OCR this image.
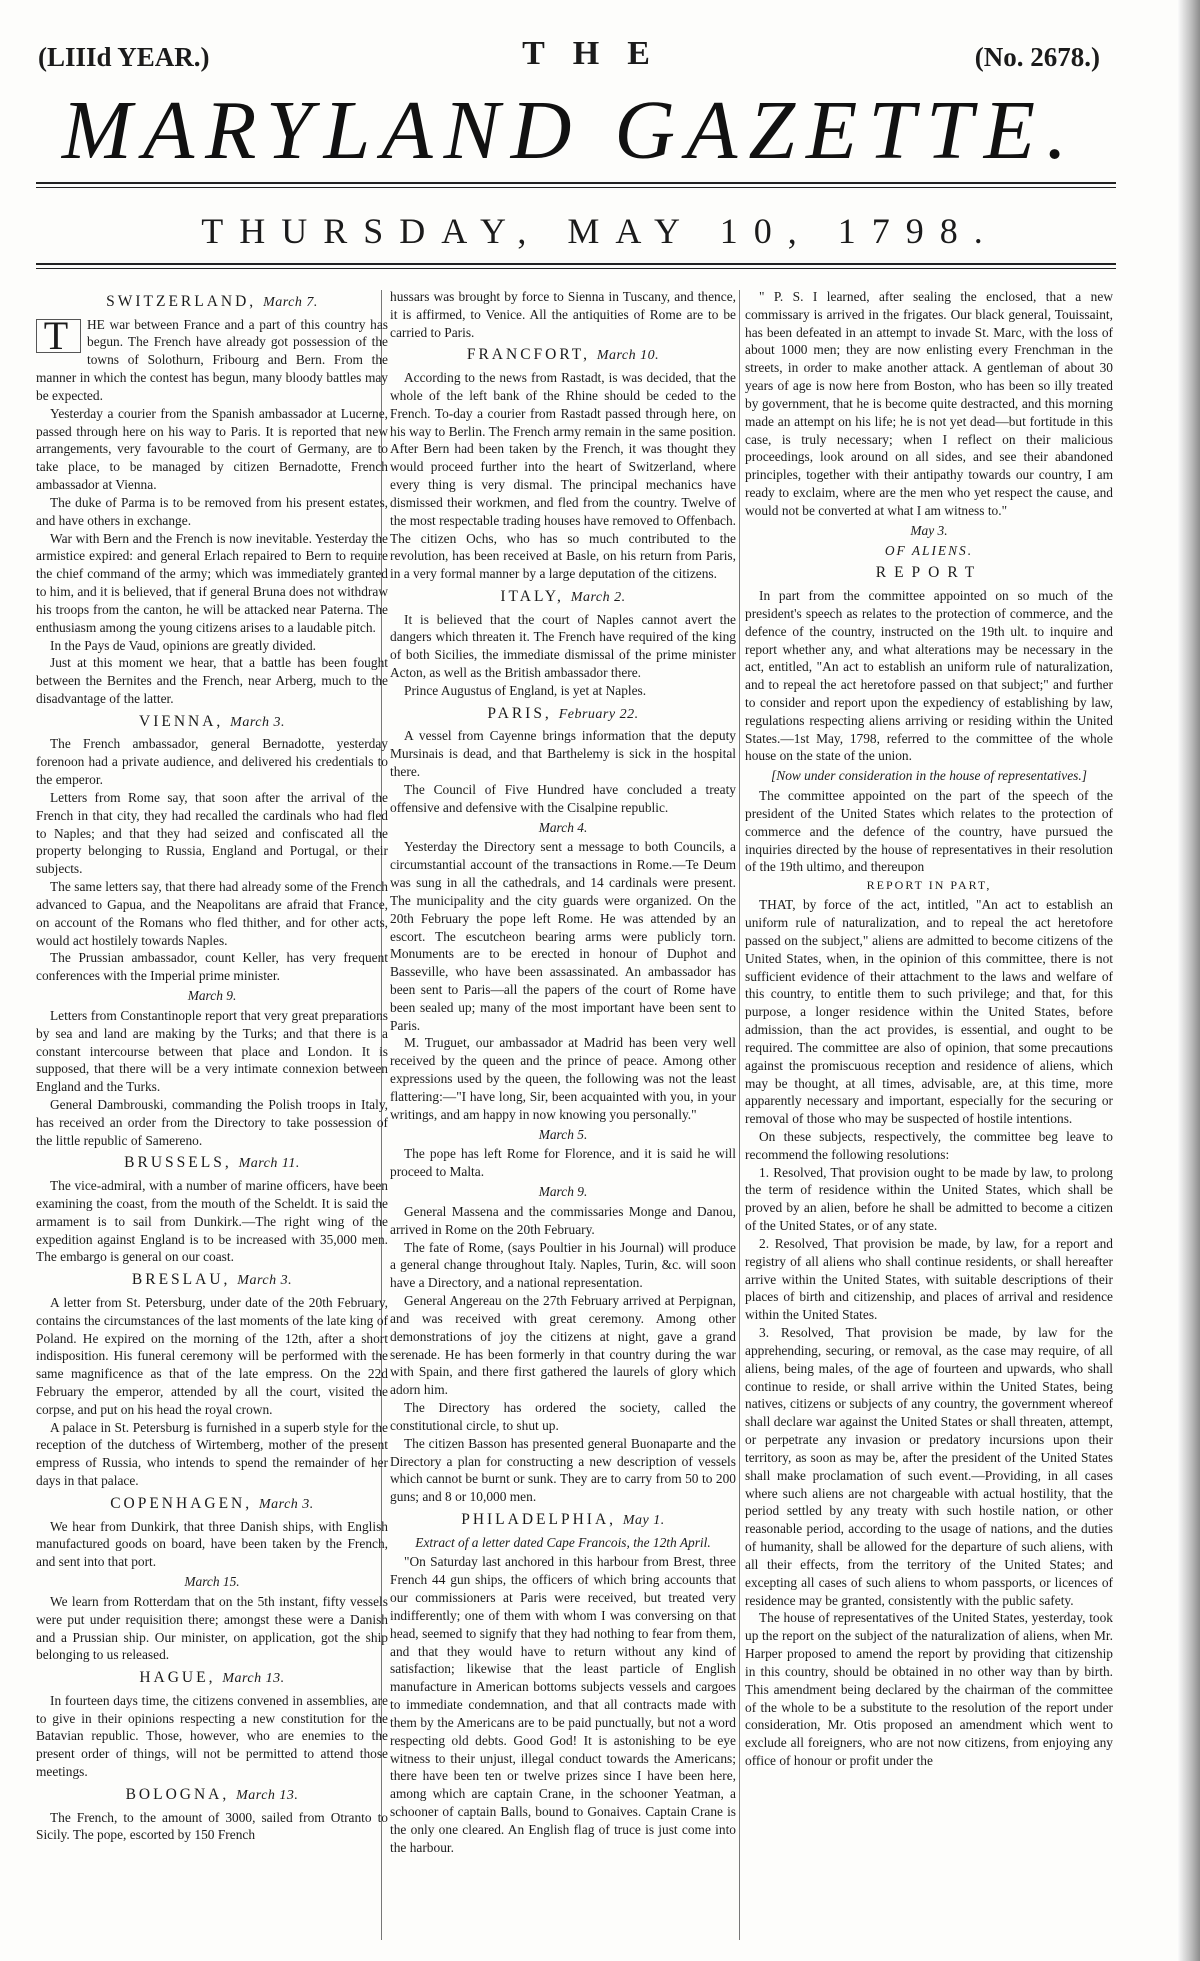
(LIIId YEAR.)	THE	(No. 2678.)
MARYLAND GAZETTE.
THURSDAY, MAY 10, 1798.
SWITZERLAND, March 7.
T	HE war between France and a part of this country has begun. The French have already got possession of the towns of Solothurn, Fribourg and Bern. From the manner in which the contest has begun, many bloody battles may be expected.

Yesterday a courier from the Spanish ambassador at Lucerne, passed through here on his way to Paris. It is reported that new arrangements, very favourable to the court of Germany, are to take place, to be managed by citizen Bernadotte, French ambassador at Vienna.

The duke of Parma is to be removed from his present estates, and have others in exchange.

War with Bern and the French is now inevitable. Yesterday the armistice expired: and general Erlach repaired to Bern to require the chief command of the army; which was immediately granted to him, and it is believed, that if general Bruna does not withdraw his troops from the canton, he will be attacked near Paterna. The enthusiasm among the young citizens arises to a laudable pitch.

In the Pays de Vaud, opinions are greatly divided.

Just at this moment we hear, that a battle has been fought between the Bernites and the French, near Arberg, much to the disadvantage of the latter.

VIENNA, March 3.

The French ambassador, general Bernadotte, yesterday forenoon had a private audience, and delivered his credentials to the emperor.

Letters from Rome say, that soon after the arrival of the French in that city, they had recalled the cardinals who had fled to Naples; and that they had seized and confiscated all the property belonging to Russia, England and Portugal, or their subjects.

The same letters say, that there had already some of the French advanced to Gapua, and the Neapolitans are afraid that France, on account of the Romans who fled thither, and for other acts, would act hostilely towards Naples.

The Prussian ambassador, count Keller, has very frequent conferences with the Imperial prime minister.

March 9.

Letters from Constantinople report that very great preparations by sea and land are making by the Turks; and that there is a constant intercourse between that place and London. It is supposed, that there will be a very intimate connexion between England and the Turks.

General Dambrouski, commanding the Polish troops in Italy, has received an order from the Directory to take possession of the little republic of Samereno.

BRUSSELS, March 11.

The vice-admiral, with a number of marine officers, have been examining the coast, from the mouth of the Scheldt. It is said the armament is to sail from Dunkirk.—The right wing of the expedition against England is to be increased with 35,000 men. The embargo is general on our coast.

BRESLAU, March 3.

A letter from St. Petersburg, under date of the 20th February, contains the circumstances of the last moments of the late king of Poland. He expired on the morning of the 12th, after a short indisposition. His funeral ceremony will be performed with the same magnificence as that of the late empress. On the 22d February the emperor, attended by all the court, visited the corpse, and put on his head the royal crown.

A palace in St. Petersburg is furnished in a superb style for the reception of the dutchess of Wirtemberg, mother of the present empress of Russia, who intends to spend the remainder of her days in that palace.

COPENHAGEN, March 3.

We hear from Dunkirk, that three Danish ships, with English manufactured goods on board, have been taken by the French, and sent into that port.

March 15.

We learn from Rotterdam that on the 5th instant, fifty vessels were put under requisition there; amongst these were a Danish and a Prussian ship. Our minister, on application, got the ship belonging to us released.

HAGUE, March 13.

In fourteen days time, the citizens convened in assemblies, are to give in their opinions respecting a new constitution for the Batavian republic. Those, however, who are enemies to the present order of things, will not be permitted to attend those meetings.

BOLOGNA, March 13.

The French, to the amount of 3000, sailed from Otranto to Sicily. The pope, escorted by 150 French

hussars was brought by force to Sienna in Tuscany, and thence, it is affirmed, to Venice. All the antiquities of Rome are to be carried to Paris.

FRANCFORT, March 10.

According to the news from Rastadt, is was decided, that the whole of the left bank of the Rhine should be ceded to the French. To-day a courier from Rastadt passed through here, on his way to Berlin. The French army remain in the same position. After Bern had been taken by the French, it was thought they would proceed further into the heart of Switzerland, where every thing is very dismal. The principal mechanics have dismissed their workmen, and fled from the country. Twelve of the most respectable trading houses have removed to Offenbach. The citizen Ochs, who has so much contributed to the revolution, has been received at Basle, on his return from Paris, in a very formal manner by a large deputation of the citizens.

ITALY, March 2.

It is believed that the court of Naples cannot avert the dangers which threaten it. The French have required of the king of both Sicilies, the immediate dismissal of the prime minister Acton, as well as the British ambassador there.

Prince Augustus of England, is yet at Naples.

PARIS, February 22.

A vessel from Cayenne brings information that the deputy Mursinais is dead, and that Barthelemy is sick in the hospital there.

The Council of Five Hundred have concluded a treaty offensive and defensive with the Cisalpine republic.

March 4.

Yesterday the Directory sent a message to both Councils, a circumstantial account of the transactions in Rome.—Te Deum was sung in all the cathedrals, and 14 cardinals were present. The municipality and the city guards were organized. On the 20th February the pope left Rome. He was attended by an escort. The escutcheon bearing arms were publicly torn. Monuments are to be erected in honour of Duphot and Basseville, who have been assassinated. An ambassador has been sent to Paris—all the papers of the court of Rome have been sealed up; many of the most important have been sent to Paris.

M. Truguet, our ambassador at Madrid has been very well received by the queen and the prince of peace. Among other expressions used by the queen, the following was not the least flattering:—"I have long, Sir, been acquainted with you, in your writings, and am happy in now knowing you personally."

March 5.

The pope has left Rome for Florence, and it is said he will proceed to Malta.

March 9.

General Massena and the commissaries Monge and Danou, arrived in Rome on the 20th February.

The fate of Rome, (says Poultier in his Journal) will produce a general change throughout Italy. Naples, Turin, &c. will soon have a Directory, and a national representation.

General Angereau on the 27th February arrived at Perpignan, and was received with great ceremony. Among other demonstrations of joy the citizens at night, gave a grand serenade. He has been formerly in that country during the war with Spain, and there first gathered the laurels of glory which adorn him.

The Directory has ordered the society, called the constitutional circle, to shut up.

The citizen Basson has presented general Buonaparte and the Directory a plan for constructing a new description of vessels which cannot be burnt or sunk. They are to carry from 50 to 200 guns; and 8 or 10,000 men.

PHILADELPHIA, May 1.
Extract of a letter dated Cape Francois, the 12th April.

"On Saturday last anchored in this harbour from Brest, three French 44 gun ships, the officers of which bring accounts that our commissioners at Paris were received, but treated very indifferently; one of them with whom I was conversing on that head, seemed to signify that they had nothing to fear from them, and that they would have to return without any kind of satisfaction; likewise that the least particle of English manufacture in American bottoms subjects vessels and cargoes to immediate condemnation, and that all contracts made with them by the Americans are to be paid punctually, but not a word respecting old debts. Good God! It is astonishing to be eye witness to their unjust, illegal conduct towards the Americans; there have been ten or twelve prizes since I have been here, among which are captain Crane, in the schooner Yeatman, a schooner of captain Balls, bound to Gonaives. Captain Crane is the only one cleared. An English flag of truce is just come into the harbour.

" P. S. I learned, after sealing the enclosed, that a new commissary is arrived in the frigates. Our black general, Touissaint, has been defeated in an attempt to invade St. Marc, with the loss of about 1000 men; they are now enlisting every Frenchman in the streets, in order to make another attack. A gentleman of about 30 years of age is now here from Boston, who has been so illy treated by government, that he is become quite destracted, and this morning made an attempt on his life; he is not yet dead—but fortitude in this case, is truly necessary; when I reflect on their malicious proceedings, look around on all sides, and see their abandoned principles, together with their antipathy towards our country, I am ready to exclaim, where are the men who yet respect the cause, and would not be converted at what I am witness to."

May 3.
OF ALIENS.
REPORT

In part from the committee appointed on so much of the president's speech as relates to the protection of commerce, and the defence of the country, instructed on the 19th ult. to inquire and report whether any, and what alterations may be necessary in the act, entitled, "An act to establish an uniform rule of naturalization, and to repeal the act heretofore passed on that subject;" and further to consider and report upon the expediency of establishing by law, regulations respecting aliens arriving or residing within the United States.—1st May, 1798, referred to the committee of the whole house on the state of the union.

[Now under consideration in the house of representatives.]

The committee appointed on the part of the speech of the president of the United States which relates to the protection of commerce and the defence of the country, have pursued the inquiries directed by the house of representatives in their resolution of the 19th ultimo, and thereupon

REPORT IN PART,

THAT, by force of the act, intitled, "An act to establish an uniform rule of naturalization, and to repeal the act heretofore passed on the subject," aliens are admitted to become citizens of the United States, when, in the opinion of this committee, there is not sufficient evidence of their attachment to the laws and welfare of this country, to entitle them to such privilege; and that, for this purpose, a longer residence within the United States, before admission, than the act provides, is essential, and ought to be required. The committee are also of opinion, that some precautions against the promiscuous reception and residence of aliens, which may be thought, at all times, advisable, are, at this time, more apparently necessary and important, especially for the securing or removal of those who may be suspected of hostile intentions.

On these subjects, respectively, the committee beg leave to recommend the following resolutions:

1. Resolved, That provision ought to be made by law, to prolong the term of residence within the United States, which shall be proved by an alien, before he shall be admitted to become a citizen of the United States, or of any state.

2. Resolved, That provision be made, by law, for a report and registry of all aliens who shall continue residents, or shall hereafter arrive within the United States, with suitable descriptions of their places of birth and citizenship, and places of arrival and residence within the United States.

3. Resolved, That provision be made, by law for the apprehending, securing, or removal, as the case may require, of all aliens, being males, of the age of fourteen and upwards, who shall continue to reside, or shall arrive within the United States, being natives, citizens or subjects of any country, the government whereof shall declare war against the United States or shall threaten, attempt, or perpetrate any invasion or predatory incursions upon their territory, as soon as may be, after the president of the United States shall make proclamation of such event.—Providing, in all cases where such aliens are not chargeable with actual hostility, that the period settled by any treaty with such hostile nation, or other reasonable period, according to the usage of nations, and the duties of humanity, shall be allowed for the departure of such aliens, with all their effects, from the territory of the United States; and excepting all cases of such aliens to whom passports, or licences of residence may be granted, consistently with the public safety.

The house of representatives of the United States, yesterday, took up the report on the subject of the naturalization of aliens, when Mr. Harper proposed to amend the report by providing that citizenship in this country, should be obtained in no other way than by birth. This amendment being declared by the chairman of the committee of the whole to be a substitute to the resolution of the report under consideration, Mr. Otis proposed an amendment which went to exclude all foreigners, who are not now citizens, from enjoying any office of honour or profit under the
